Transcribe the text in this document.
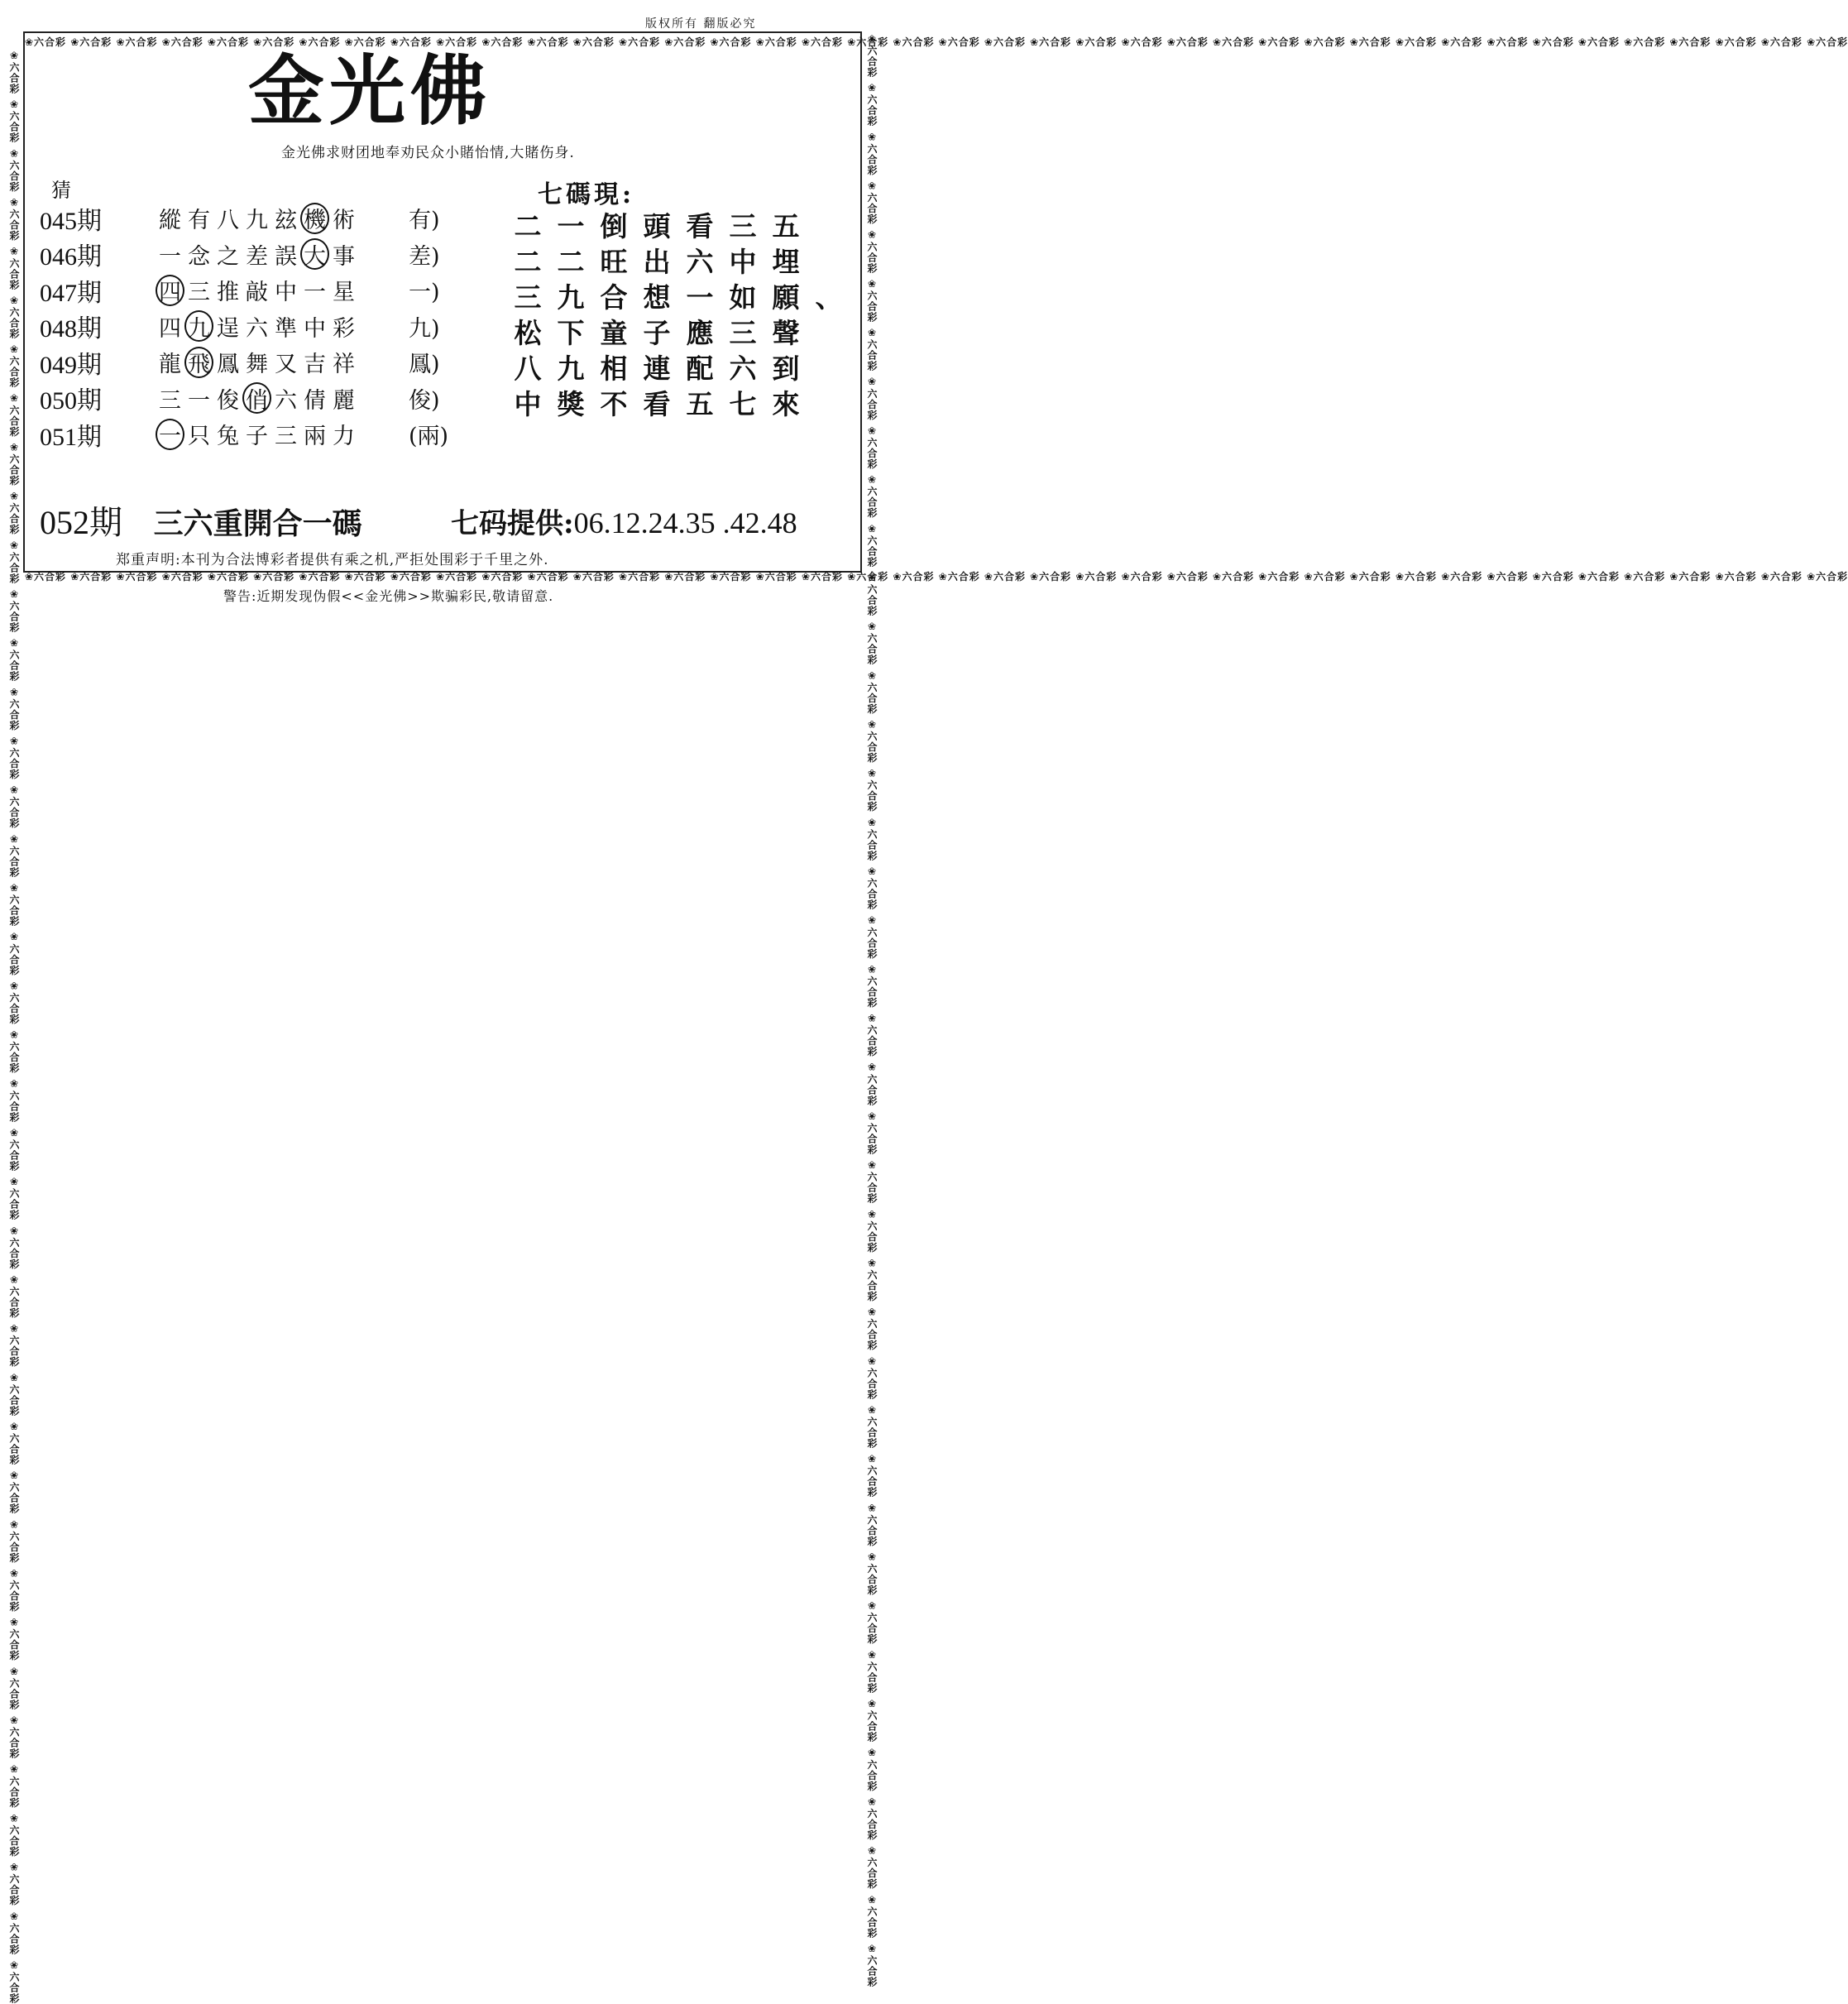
版权所有 翻版必究
❀六合彩 ❀六合彩 ❀六合彩 ❀六合彩 ❀六合彩 ❀六合彩 ❀六合彩 ❀六合彩 ❀六合彩 ❀六合彩 ❀六合彩 ❀六合彩 ❀六合彩 ❀六合彩 ❀六合彩 ❀六合彩 ❀六合彩 ❀六合彩 ❀六合彩 ❀六合彩 ❀六合彩 ❀六合彩 ❀六合彩 ❀六合彩 ❀六合彩 ❀六合彩 ❀六合彩 ❀六合彩 ❀六合彩 ❀六合彩 ❀六合彩 ❀六合彩 ❀六合彩 ❀六合彩 ❀六合彩 ❀六合彩 ❀六合彩 ❀六合彩 ❀六合彩 ❀六合彩
❀六合彩 ❀六合彩 ❀六合彩 ❀六合彩 ❀六合彩 ❀六合彩 ❀六合彩 ❀六合彩 ❀六合彩 ❀六合彩 ❀六合彩 ❀六合彩 ❀六合彩 ❀六合彩 ❀六合彩 ❀六合彩 ❀六合彩 ❀六合彩 ❀六合彩 ❀六合彩 ❀六合彩 ❀六合彩 ❀六合彩 ❀六合彩 ❀六合彩 ❀六合彩 ❀六合彩 ❀六合彩 ❀六合彩 ❀六合彩 ❀六合彩 ❀六合彩 ❀六合彩 ❀六合彩 ❀六合彩 ❀六合彩 ❀六合彩 ❀六合彩 ❀六合彩 ❀六合彩
❀六合彩 ❀六合彩 ❀六合彩 ❀六合彩 ❀六合彩 ❀六合彩 ❀六合彩 ❀六合彩 ❀六合彩 ❀六合彩 ❀六合彩 ❀六合彩 ❀六合彩 ❀六合彩 ❀六合彩 ❀六合彩 ❀六合彩 ❀六合彩 ❀六合彩 ❀六合彩 ❀六合彩 ❀六合彩 ❀六合彩 ❀六合彩 ❀六合彩 ❀六合彩 ❀六合彩 ❀六合彩 ❀六合彩 ❀六合彩 ❀六合彩 ❀六合彩 ❀六合彩 ❀六合彩 ❀六合彩 ❀六合彩 ❀六合彩 ❀六合彩 ❀六合彩 ❀六合彩	❀六合彩 ❀六合彩 ❀六合彩 ❀六合彩 ❀六合彩 ❀六合彩 ❀六合彩 ❀六合彩 ❀六合彩 ❀六合彩 ❀六合彩 ❀六合彩 ❀六合彩 ❀六合彩 ❀六合彩 ❀六合彩 ❀六合彩 ❀六合彩 ❀六合彩 ❀六合彩 ❀六合彩 ❀六合彩 ❀六合彩 ❀六合彩 ❀六合彩 ❀六合彩 ❀六合彩 ❀六合彩 ❀六合彩 ❀六合彩 ❀六合彩 ❀六合彩 ❀六合彩 ❀六合彩 ❀六合彩 ❀六合彩 ❀六合彩 ❀六合彩 ❀六合彩 ❀六合彩
金光佛
金光佛求财团地奉劝民众小賭怡情,大賭伤身.
猜
045期	縱 有 八 九 玆 機 術 有)
046期	一 念 之 差 誤 大 事 差)
047期	四 三 推 敲 中 一 星 一)
048期	四 九 逞 六 準 中 彩 九)
049期	龍 飛 鳳 舞 又 吉 祥 鳳)
050期	三 一 俊 俏 六 倩 麗 俊)
051期	一 只 兔 子 三 兩 力 (兩)
七碼現:
二 一 倒 頭 看 三 五
二 二 旺 出 六 中 埋
三 九 合 想 一 如 願 、
松 下 童 子 應 三 聲
八 九 相 連 配 六 到
中 獎 不 看 五 七 來
052期 三六重開合一碼	七码提供:06.12.24.35 .42.48
郑重声明:本刊为合法博彩者提供有乘之机,严拒处围彩于千里之外.
警告:近期发现伪假<<金光佛>>欺骗彩民,敬请留意.
